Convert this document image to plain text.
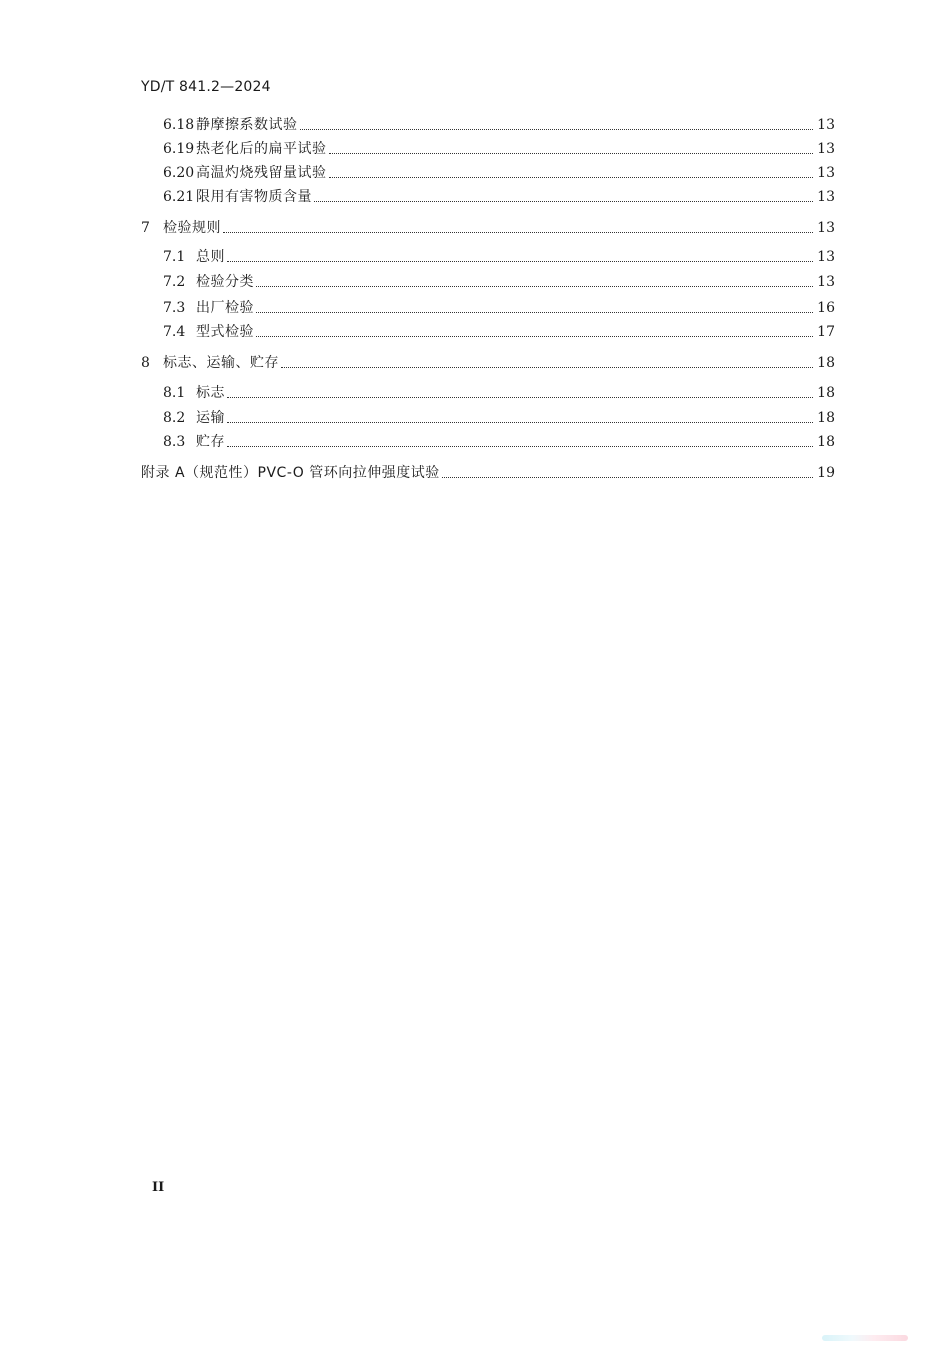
YD/T 841.2—2024
6.18 静摩擦系数试验	13
6.19 热老化后的扁平试验	13
6.20 高温灼烧残留量试验	13
6.21 限用有害物质含量	13
7 检验规则	13
7.1 总则	13
7.2 检验分类	13
7.3 出厂检验	16
7.4 型式检验	17
8 标志、运输、贮存	18
8.1 标志	18
8.2 运输	18
8.3 贮存	18
附录 A（规范性）PVC-O 管环向拉伸强度试验	19
II
